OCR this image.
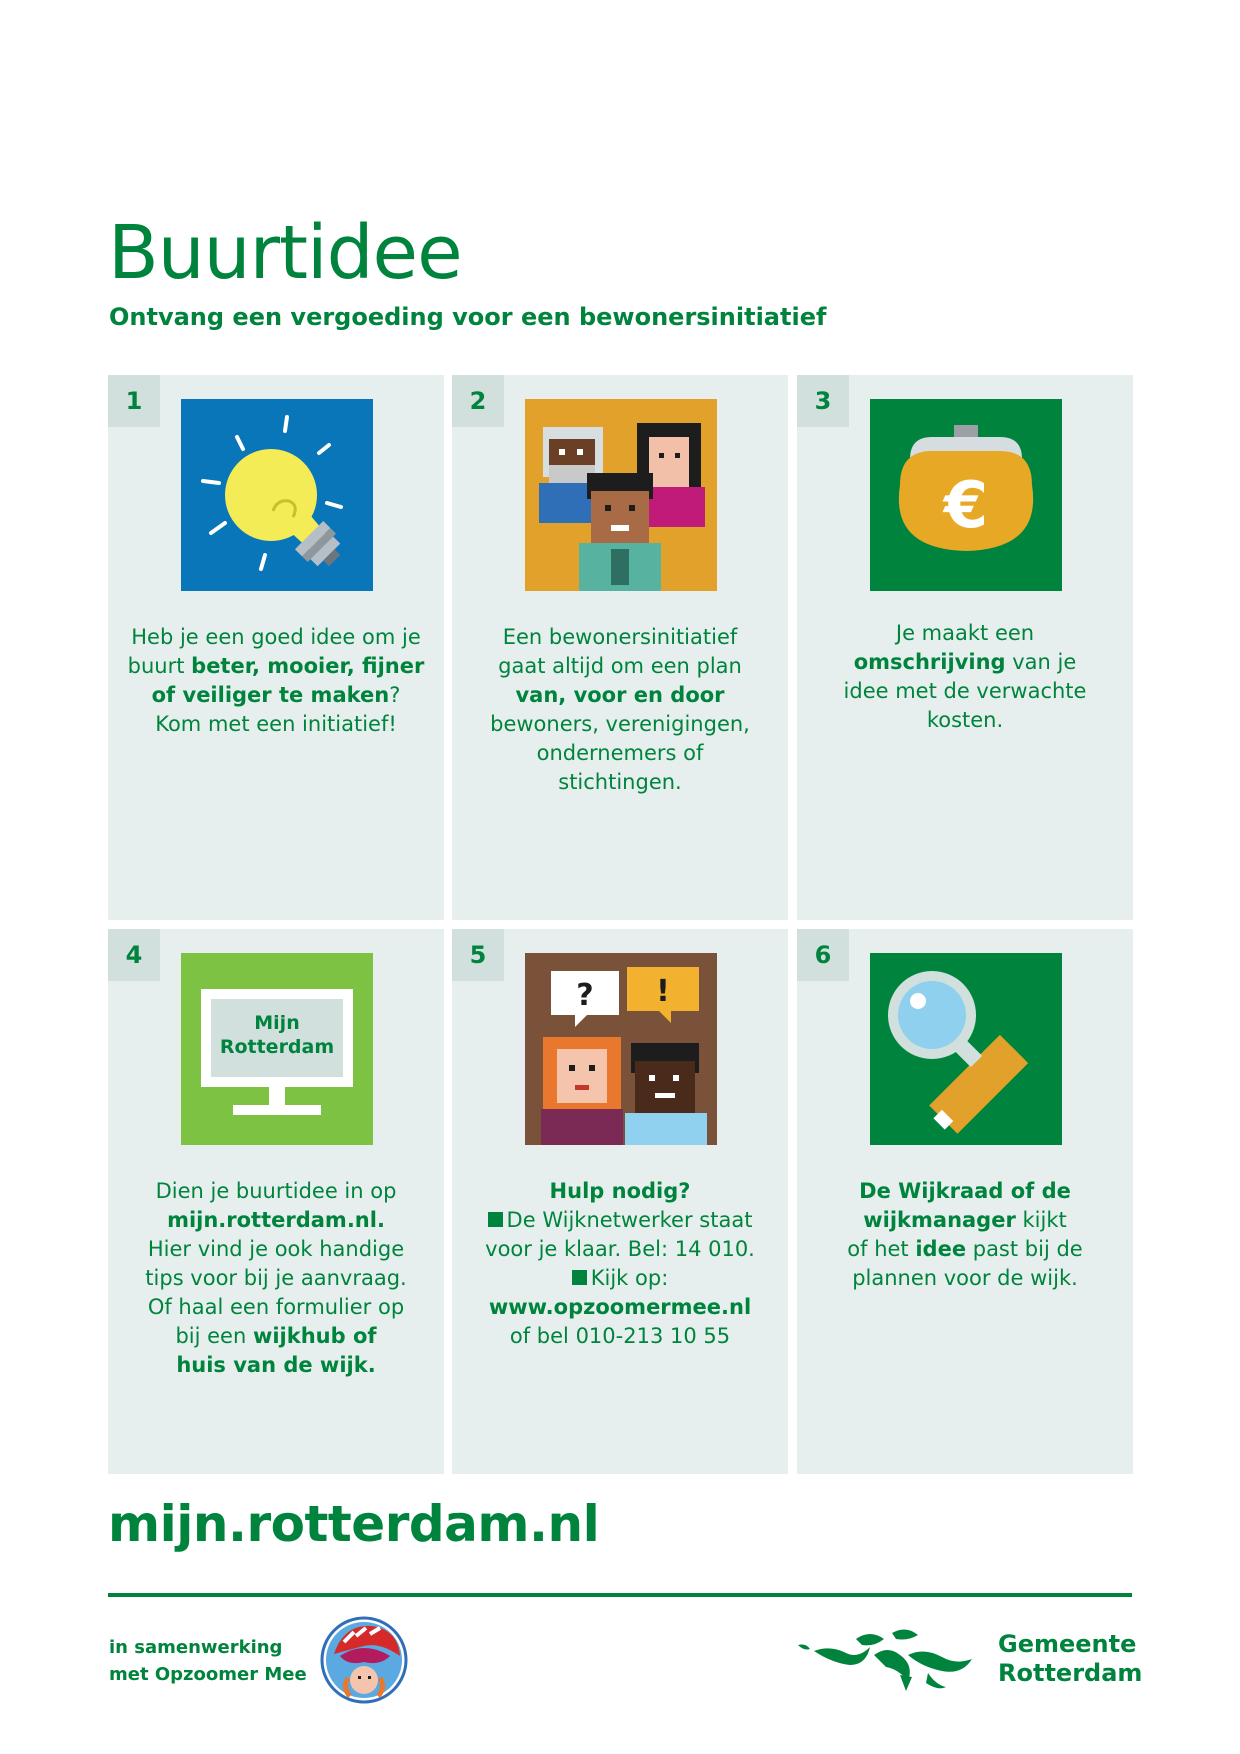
Buurtidee

Ontvang een vergoeding voor een bewonersinitiatief

1
Heb je een goed idee om je
buurt beter, mooier, fijner
of veiliger te maken?
Kom met een initiatief!
2
Een bewonersinitiatief
gaat altijd om een plan
van, voor en door
bewoners, verenigingen,
ondernemers of
stichtingen.
3
€
Je maakt een
omschrijving van je
idee met de verwachte
kosten.
4
Mijn
Rotterdam
Dien je buurtidee in op
mijn.rotterdam.nl.
Hier vind je ook handige
tips voor bij je aanvraag.
Of haal een formulier op
bij een wijkhub of
huis van de wijk.
5
? !
Hulp nodig?
De Wijknetwerker staat
voor je klaar. Bel: 14 010.
Kijk op:
www.opzoomermee.nl
of bel 010-213 10 55
6
De Wijkraad of de
wijkmanager kijkt
of het idee past bij de
plannen voor de wijk.
mijn.rotterdam.nl
in samenwerking
met Opzoomer Mee
Gemeente
Rotterdam
